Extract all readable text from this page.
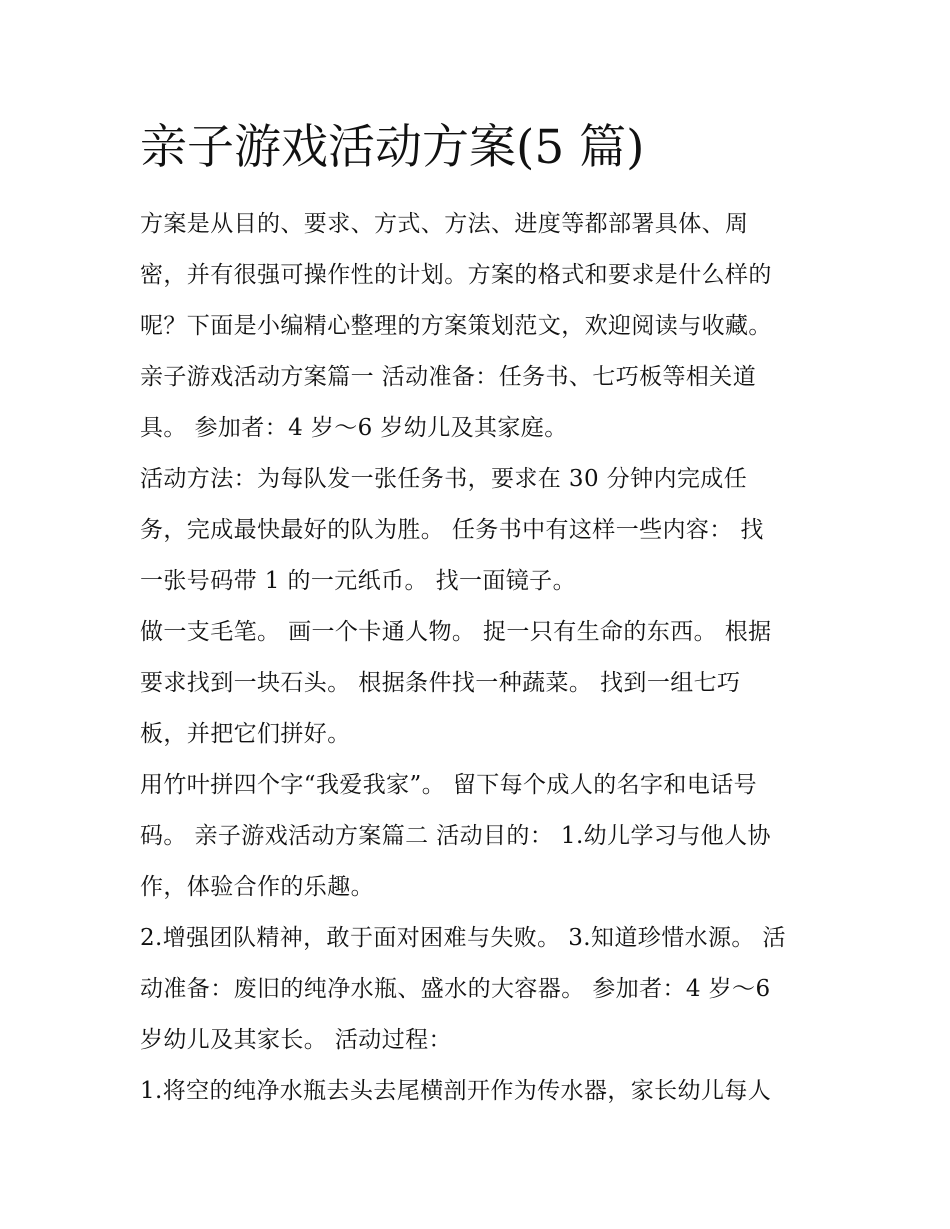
亲子游戏活动方案(5 篇)
方案是从目的、要求、方式、方法、进度等都部署具体、周
密，并有很强可操作性的计划。方案的格式和要求是什么样的
呢？下面是小编精心整理的方案策划范文，欢迎阅读与收藏。
亲子游戏活动方案篇一 活动准备：任务书、七巧板等相关道
具。 参加者：4 岁～6 岁幼儿及其家庭。
活动方法：为每队发一张任务书，要求在 30 分钟内完成任
务，完成最快最好的队为胜。 任务书中有这样一些内容： 找
一张号码带 1 的一元纸币。 找一面镜子。
做一支毛笔。 画一个卡通人物。 捉一只有生命的东西。 根据
要求找到一块石头。 根据条件找一种蔬菜。 找到一组七巧
板，并把它们拼好。
用竹叶拼四个字“我爱我家”。 留下每个成人的名字和电话号
码。 亲子游戏活动方案篇二 活动目的： 1.幼儿学习与他人协
作，体验合作的乐趣。
2.增强团队精神，敢于面对困难与失败。 3.知道珍惜水源。 活
动准备：废旧的纯净水瓶、盛水的大容器。 参加者：4 岁～6
岁幼儿及其家长。 活动过程：
1.将空的纯净水瓶去头去尾横剖开作为传水器，家长幼儿每人
